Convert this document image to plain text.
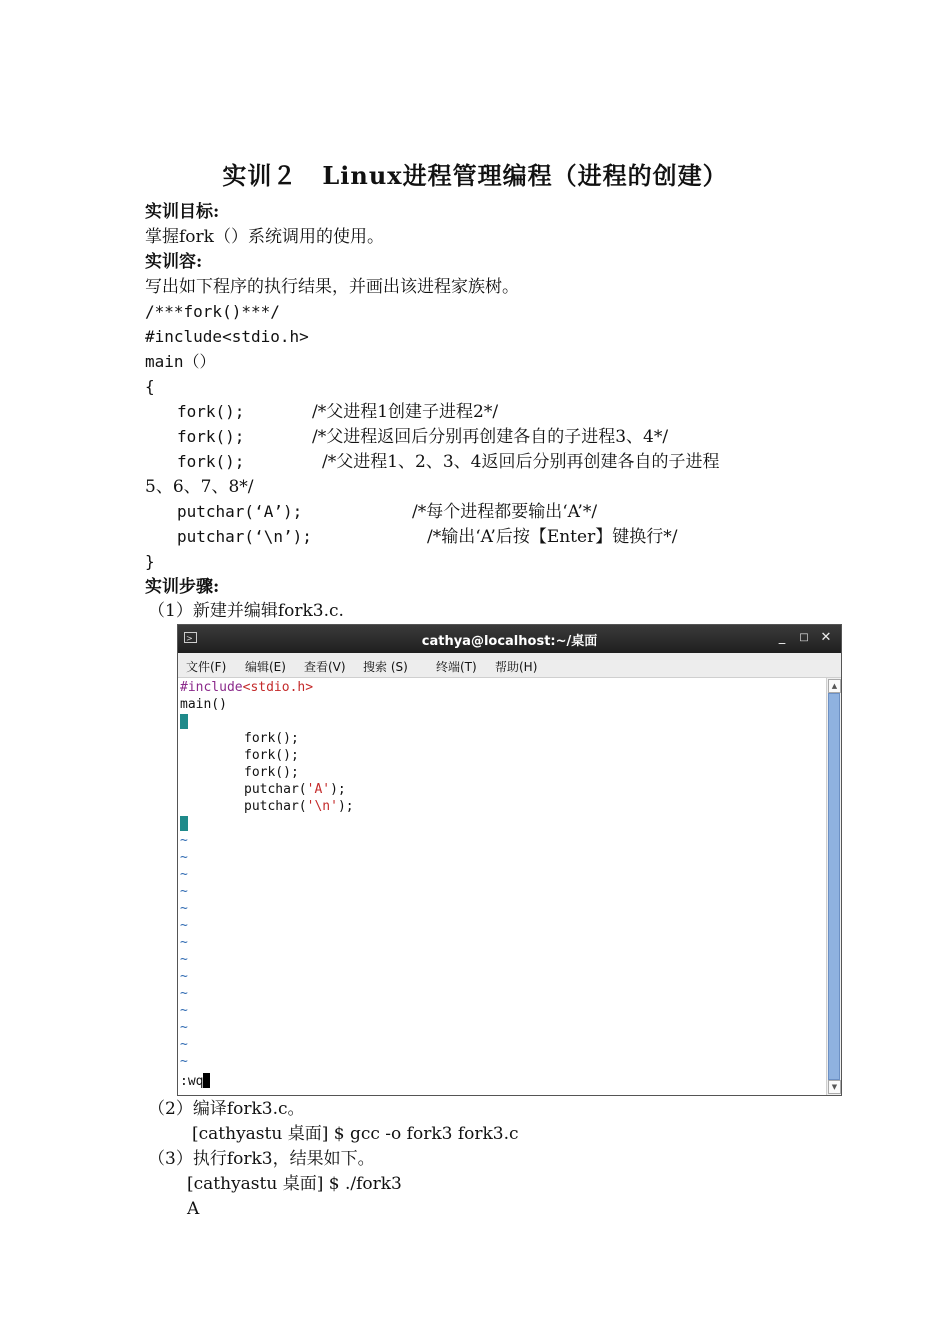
实训２　Linux进程管理编程（进程的创建）
实训目标:
掌握fork（）系统调用的使用。
实训容:
写出如下程序的执行结果，并画出该进程家族树。
/***fork()***/
#include<stdio.h>
main（）
{
fork();	/*父进程1创建子进程2*/
fork();	/*父进程返回后分别再创建各自的子进程3、4*/
fork();	/*父进程1、2、3、4返回后分别再创建各自的子进程
5、6、7、8*/
putchar(‘A’);	/*每个进程都要输出‘A’*/
putchar(‘\n’);	/*输出‘A’后按【Enter】键换行*/
}
实训步骤:
（1）新建并编辑fork3.c.
>_	cathya@localhost:~/桌面	_	□ ✕
文件(F) 编辑(E) 查看(V) 搜索 (S) 终端(T) 帮助(H)
#include<stdio.h>
main()
{
fork();
fork();
fork();
putchar('A');
putchar('\n');
}
~
~
~
~
~
~
~
~
~
~
~
~
~
~
:wq
▲
▼
（2）编译fork3.c。
[cathyastu 桌面] $ gcc -o fork3 fork3.c
（3）执行fork3，结果如下。
[cathyastu 桌面] $ ./fork3
A
